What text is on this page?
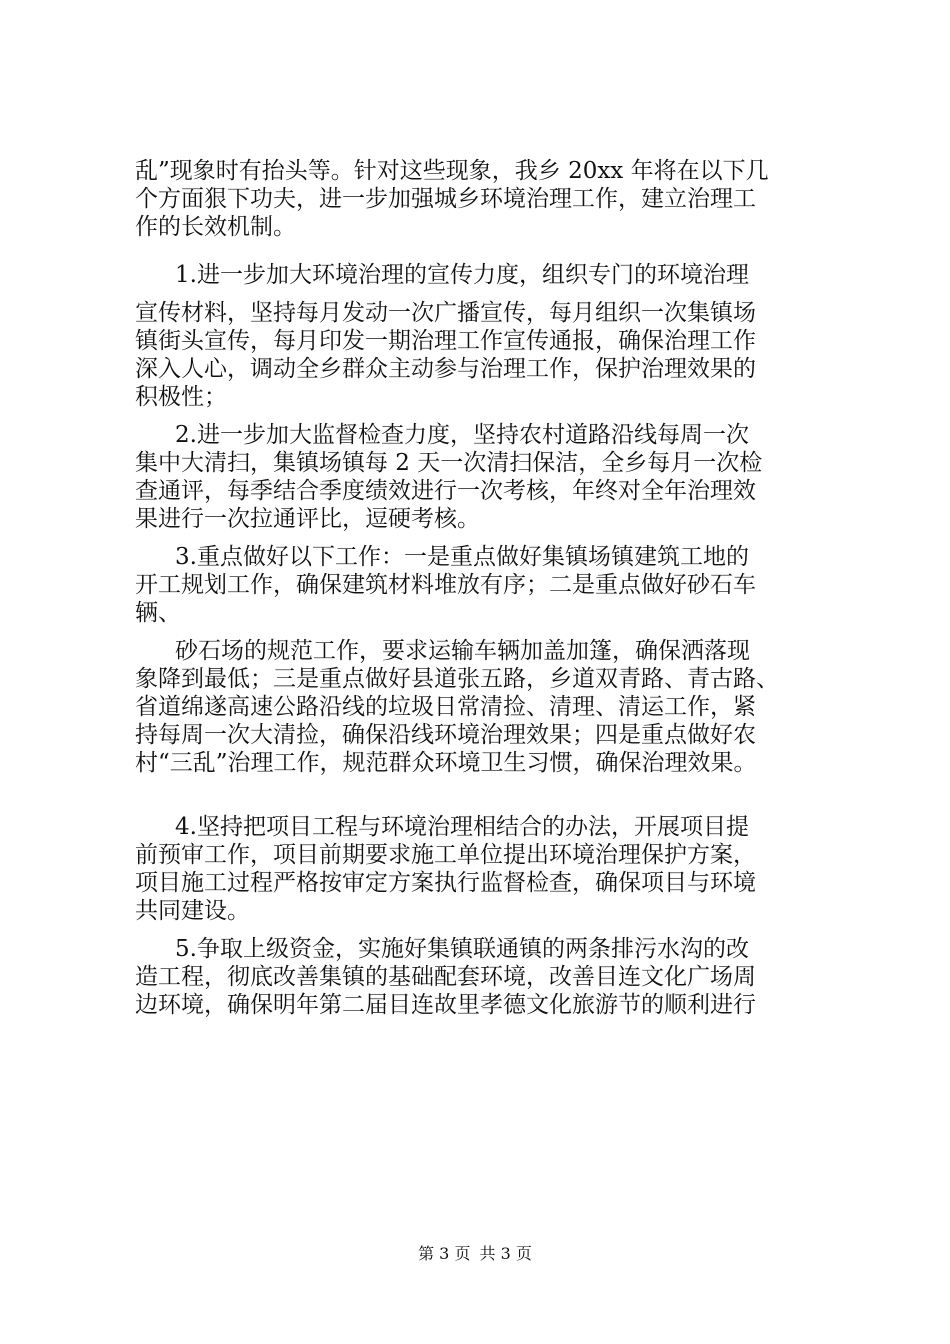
乱”现象时有抬头等。针对这些现象，我乡 20xx 年将在以下几
个方面狠下功夫，进一步加强城乡环境治理工作，建立治理工
作的长效机制。
1.进一步加大环境治理的宣传力度，组织专门的环境治理
宣传材料，坚持每月发动一次广播宣传，每月组织一次集镇场
镇街头宣传，每月印发一期治理工作宣传通报，确保治理工作
深入人心，调动全乡群众主动参与治理工作，保护治理效果的
积极性；
2.进一步加大监督检查力度，坚持农村道路沿线每周一次
集中大清扫，集镇场镇每 2 天一次清扫保洁，全乡每月一次检
查通评，每季结合季度绩效进行一次考核，年终对全年治理效
果进行一次拉通评比，逗硬考核。
3.重点做好以下工作：一是重点做好集镇场镇建筑工地的
开工规划工作，确保建筑材料堆放有序；二是重点做好砂石车
辆、
砂石场的规范工作，要求运输车辆加盖加篷，确保洒落现
象降到最低；三是重点做好县道张五路，乡道双青路、青古路、
省道绵遂高速公路沿线的垃圾日常清捡、清理、清运工作，紧
持每周一次大清捡，确保沿线环境治理效果；四是重点做好农
村“三乱”治理工作，规范群众环境卫生习惯，确保治理效果。
4.坚持把项目工程与环境治理相结合的办法，开展项目提
前预审工作，项目前期要求施工单位提出环境治理保护方案，
项目施工过程严格按审定方案执行监督检查，确保项目与环境
共同建设。
5.争取上级资金，实施好集镇联通镇的两条排污水沟的改
造工程，彻底改善集镇的基础配套环境，改善目连文化广场周
边环境，确保明年第二届目连故里孝德文化旅游节的顺利进行
第 3 页 共 3 页
